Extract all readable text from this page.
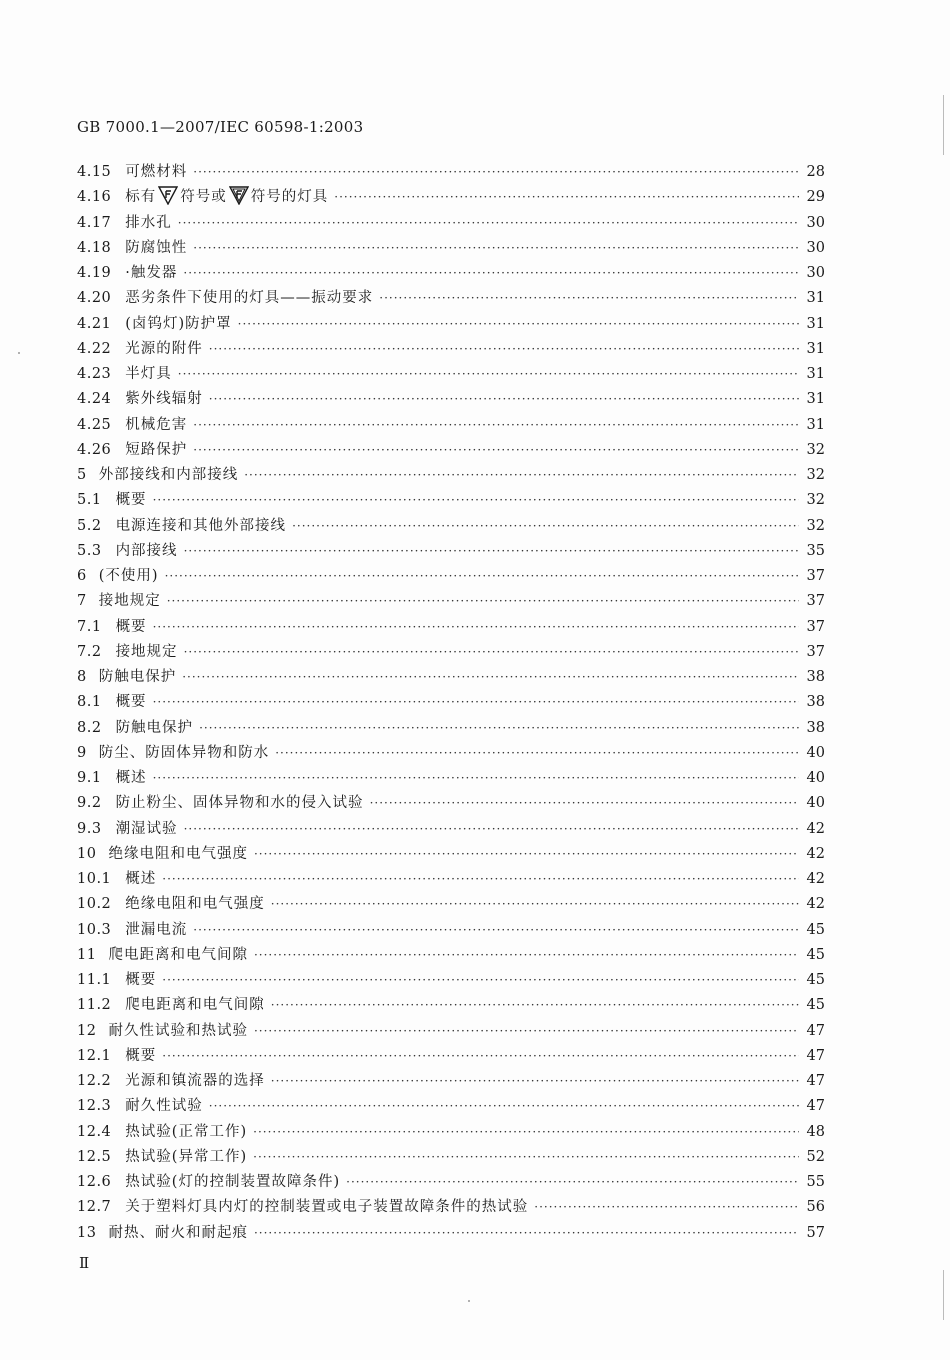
GB 7000.1—2007/IEC 60598-1:2003
4.15 可燃材料 ·····	28
4.16 标有 符号或 符号的灯具 ·····	29
4.17 排水孔 ·····	30
4.18 防腐蚀性 ·····	30
4.19 ·触发器 ·····	30
4.20 恶劣条件下使用的灯具——振动要求 ·····	31
4.21 (卤钨灯)防护罩 ·····	31
4.22 光源的附件 ·····	31
4.23 半灯具 ·····	31
4.24 紫外线辐射 ·····	31
4.25 机械危害 ·····	31
4.26 短路保护 ·····	32
5 外部接线和内部接线 ·····	32
5.1 概要 ·····	32
5.2 电源连接和其他外部接线 ·····	32
5.3 内部接线 ·····	35
6 (不使用) ·····	37
7 接地规定 ·····	37
7.1 概要 ·····	37
7.2 接地规定 ·····	37
8 防触电保护 ·····	38
8.1 概要 ·····	38
8.2 防触电保护 ·····	38
9 防尘、防固体异物和防水 ·····	40
9.1 概述 ·····	40
9.2 防止粉尘、固体异物和水的侵入试验 ·····	40
9.3 潮湿试验 ·····	42
10 绝缘电阻和电气强度 ·····	42
10.1 概述 ·····	42
10.2 绝缘电阻和电气强度 ·····	42
10.3 泄漏电流 ·····	45
11 爬电距离和电气间隙 ·····	45
11.1 概要 ·····	45
11.2 爬电距离和电气间隙 ·····	45
12 耐久性试验和热试验 ·····	47
12.1 概要 ·····	47
12.2 光源和镇流器的选择 ·····	47
12.3 耐久性试验 ·····	47
12.4 热试验(正常工作) ·····	48
12.5 热试验(异常工作) ·····	52
12.6 热试验(灯的控制装置故障条件) ·····	55
12.7 关于塑料灯具内灯的控制装置或电子装置故障条件的热试验 ·····	56
13 耐热、耐火和耐起痕 ·····	57
Ⅱ
